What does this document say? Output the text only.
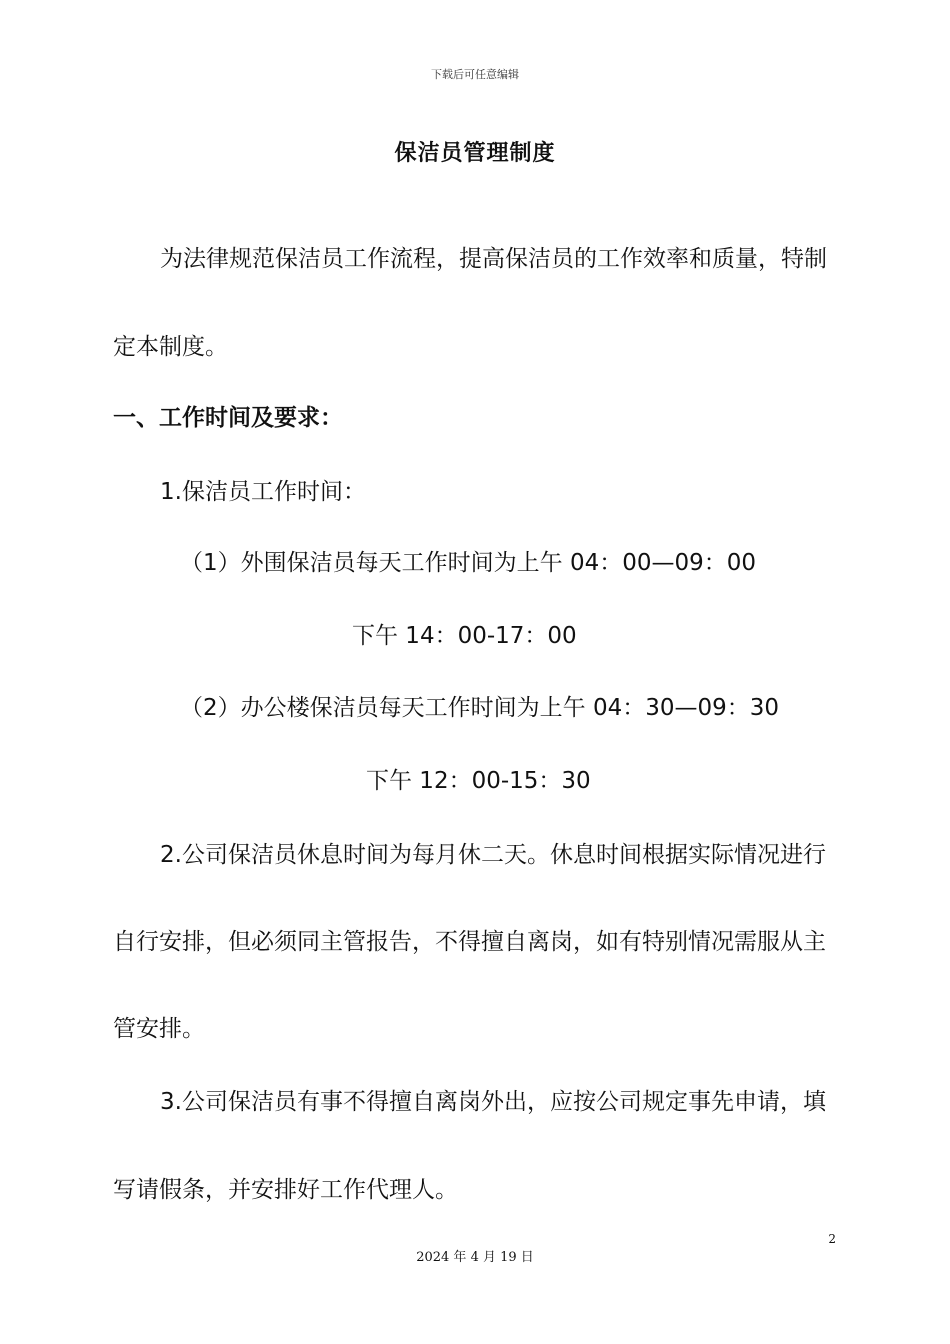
下载后可任意编辑
保洁员管理制度
为法律规范保洁员工作流程，提高保洁员的工作效率和质量，特制
定本制度。
一、工作时间及要求：
1.保洁员工作时间：
（1）外围保洁员每天工作时间为上午 04：00—09：00
下午 14：00-17：00
（2）办公楼保洁员每天工作时间为上午 04：30—09：30
下午 12：00-15：30
2.公司保洁员休息时间为每月休二天。休息时间根据实际情况进行
自行安排，但必须同主管报告，不得擅自离岗，如有特别情况需服从主
管安排。
3.公司保洁员有事不得擅自离岗外出，应按公司规定事先申请，填
写请假条，并安排好工作代理人。
2
2024 年 4 月 19 日
